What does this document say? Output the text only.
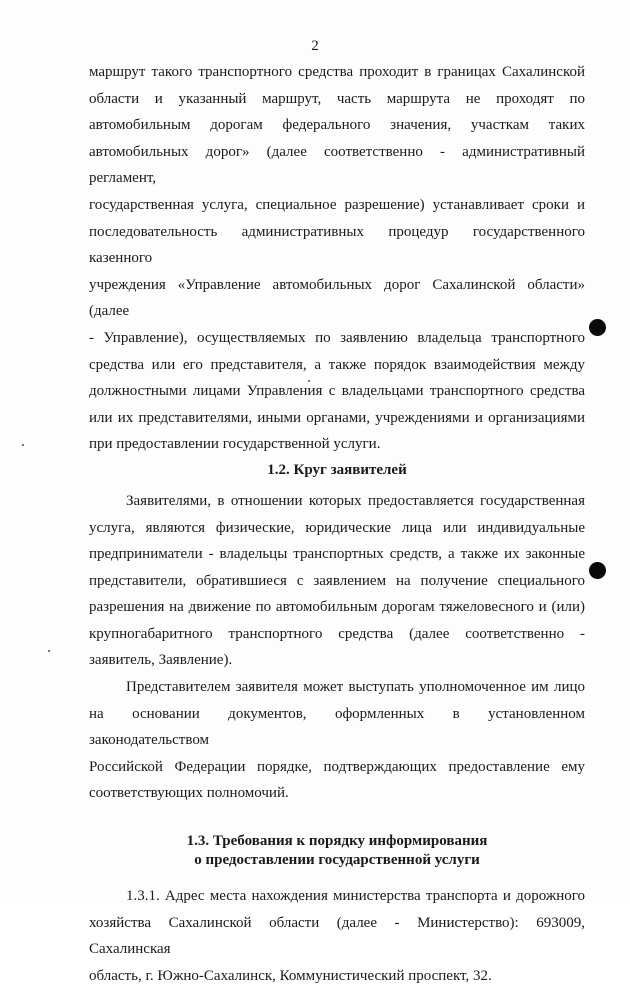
2

маршрут такого транспортного средства проходит в границах Сахалинской

области и указанный маршрут, часть маршрута не проходят по

автомобильным дорогам федерального значения, участкам таких

автомобильных дорог» (далее соответственно - административный регламент,

государственная услуга, специальное разрешение) устанавливает сроки и

последовательность административных процедур государственного казенного

учреждения «Управление автомобильных дорог Сахалинской области» (далее

- Управление), осуществляемых по заявлению владельца транспортного

средства или его представителя, а также порядок взаимодействия между

должностными лицами Управления с владельцами транспортного средства

или их представителями, иными органами, учреждениями и организациями

при предоставлении государственной услуги.

1.2. Круг заявителей

Заявителями, в отношении которых предоставляется государственная

услуга, являются физические, юридические лица или индивидуальные

предприниматели - владельцы транспортных средств, а также их законные

представители, обратившиеся с заявлением на получение специального

разрешения на движение по автомобильным дорогам тяжеловесного и (или)

крупногабаритного транспортного средства (далее соответственно -

заявитель, Заявление).

Представителем заявителя может выступать уполномоченное им лицо

на основании документов, оформленных в установленном законодательством

Российской Федерации порядке, подтверждающих предоставление ему

соответствующих полномочий.

1.3. Требования к порядку информирования
о предоставлении государственной услуги

1.3.1. Адрес места нахождения министерства транспорта и дорожного

хозяйства Сахалинской области (далее - Министерство): 693009, Сахалинская

область, г. Южно-Сахалинск, Коммунистический проспект, 32.
